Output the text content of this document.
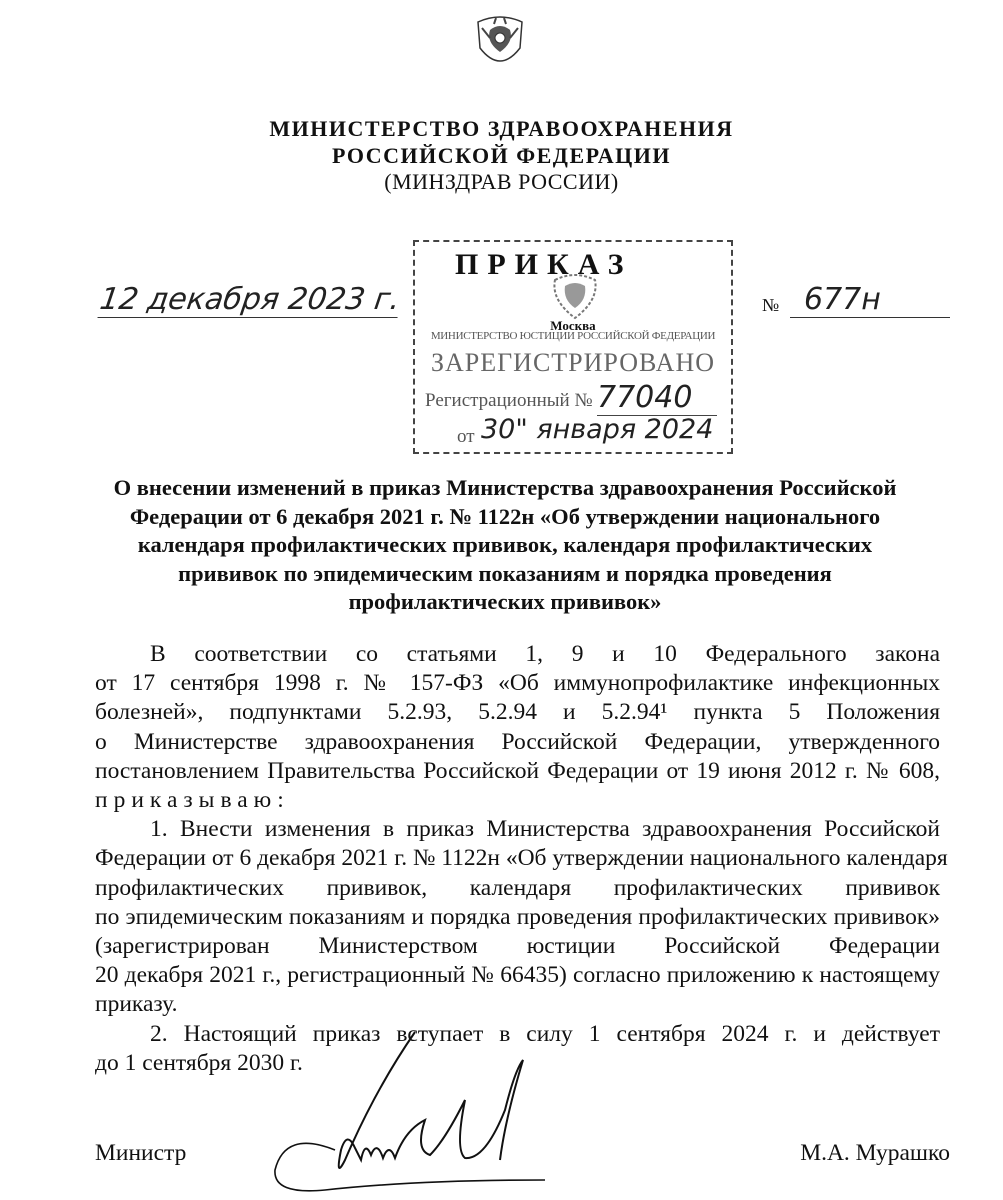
МИНИСТЕРСТВО ЗДРАВООХРАНЕНИЯ
РОССИЙСКОЙ ФЕДЕРАЦИИ
(МИНЗДРАВ РОССИИ)
12 декабря 2023 г.	№ 677н
ПРИКАЗ
Москва
МИНИСТЕРСТВО ЮСТИЦИИ РОССИЙСКОЙ ФЕДЕРАЦИИ
ЗАРЕГИСТРИРОВАНО
Регистрационный № 77040
от 30" января 2024
О внесении изменений в приказ Министерства здравоохранения Российской
Федерации от 6 декабря 2021 г. № 1122н «Об утверждении национального
календаря профилактических прививок, календаря профилактических
прививок по эпидемическим показаниям и порядка проведения
профилактических прививок»
В соответствии со статьями 1, 9 и 10 Федерального закона
от 17 сентября 1998 г. № 157-ФЗ «Об иммунопрофилактике инфекционных
болезней», подпунктами 5.2.93, 5.2.94 и 5.2.94¹ пункта 5 Положения
о Министерстве здравоохранения Российской Федерации, утвержденного
постановлением Правительства Российской Федерации от 19 июня 2012 г. № 608,
приказываю:
1. Внести изменения в приказ Министерства здравоохранения Российской
Федерации от 6 декабря 2021 г. № 1122н «Об утверждении национального календаря
профилактических прививок, календаря профилактических прививок
по эпидемическим показаниям и порядка проведения профилактических прививок»
(зарегистрирован Министерством юстиции Российской Федерации
20 декабря 2021 г., регистрационный № 66435) согласно приложению к настоящему
приказу.
2. Настоящий приказ вступает в силу 1 сентября 2024 г. и действует
до 1 сентября 2030 г.
Министр	М.А. Мурашко
